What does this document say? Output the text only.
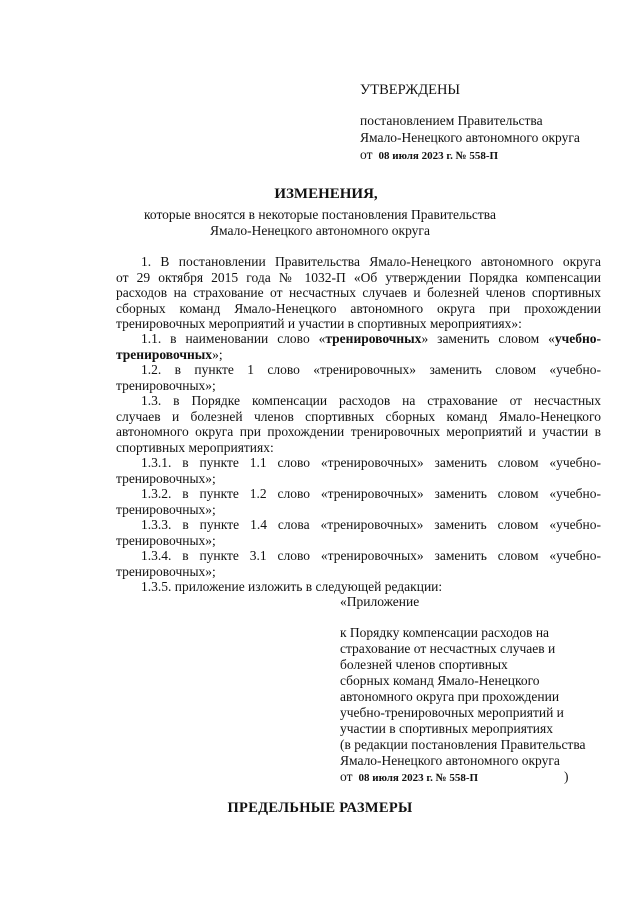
УТВЕРЖДЕНЫ
постановлением Правительства
Ямало-Ненецкого автономного округа
от 08 июля 2023 г. № 558-П
ИЗМЕНЕНИЯ,
которые вносятся в некоторые постановления Правительства
Ямало-Ненецкого автономного округа
1. В постановлении Правительства Ямало-Ненецкого автономного округа
от 29 октября 2015 года № 1032-П «Об утверждении Порядка компенсации
расходов на страхование от несчастных случаев и болезней членов спортивных
сборных команд Ямало-Ненецкого автономного округа при прохождении
тренировочных мероприятий и участии в спортивных мероприятиях»:
1.1. в наименовании слово «тренировочных» заменить словом «учебно-
тренировочных»;
1.2. в пункте 1 слово «тренировочных» заменить словом «учебно-
тренировочных»;
1.3. в Порядке компенсации расходов на страхование от несчастных
случаев и болезней членов спортивных сборных команд Ямало-Ненецкого
автономного округа при прохождении тренировочных мероприятий и участии в
спортивных мероприятиях:
1.3.1. в пункте 1.1 слово «тренировочных» заменить словом «учебно-
тренировочных»;
1.3.2. в пункте 1.2 слово «тренировочных» заменить словом «учебно-
тренировочных»;
1.3.3. в пункте 1.4 слова «тренировочных» заменить словом «учебно-
тренировочных»;
1.3.4. в пункте 3.1 слово «тренировочных» заменить словом «учебно-
тренировочных»;
1.3.5. приложение изложить в следующей редакции:
«Приложение
к Порядку компенсации расходов на
страхование от несчастных случаев и
болезней членов спортивных
сборных команд Ямало-Ненецкого
автономного округа при прохождении
учебно-тренировочных мероприятий и
участии в спортивных мероприятиях
(в редакции постановления Правительства
Ямало-Ненецкого автономного округа
от 08 июля 2023 г. № 558-П	)
ПРЕДЕЛЬНЫЕ РАЗМЕРЫ
